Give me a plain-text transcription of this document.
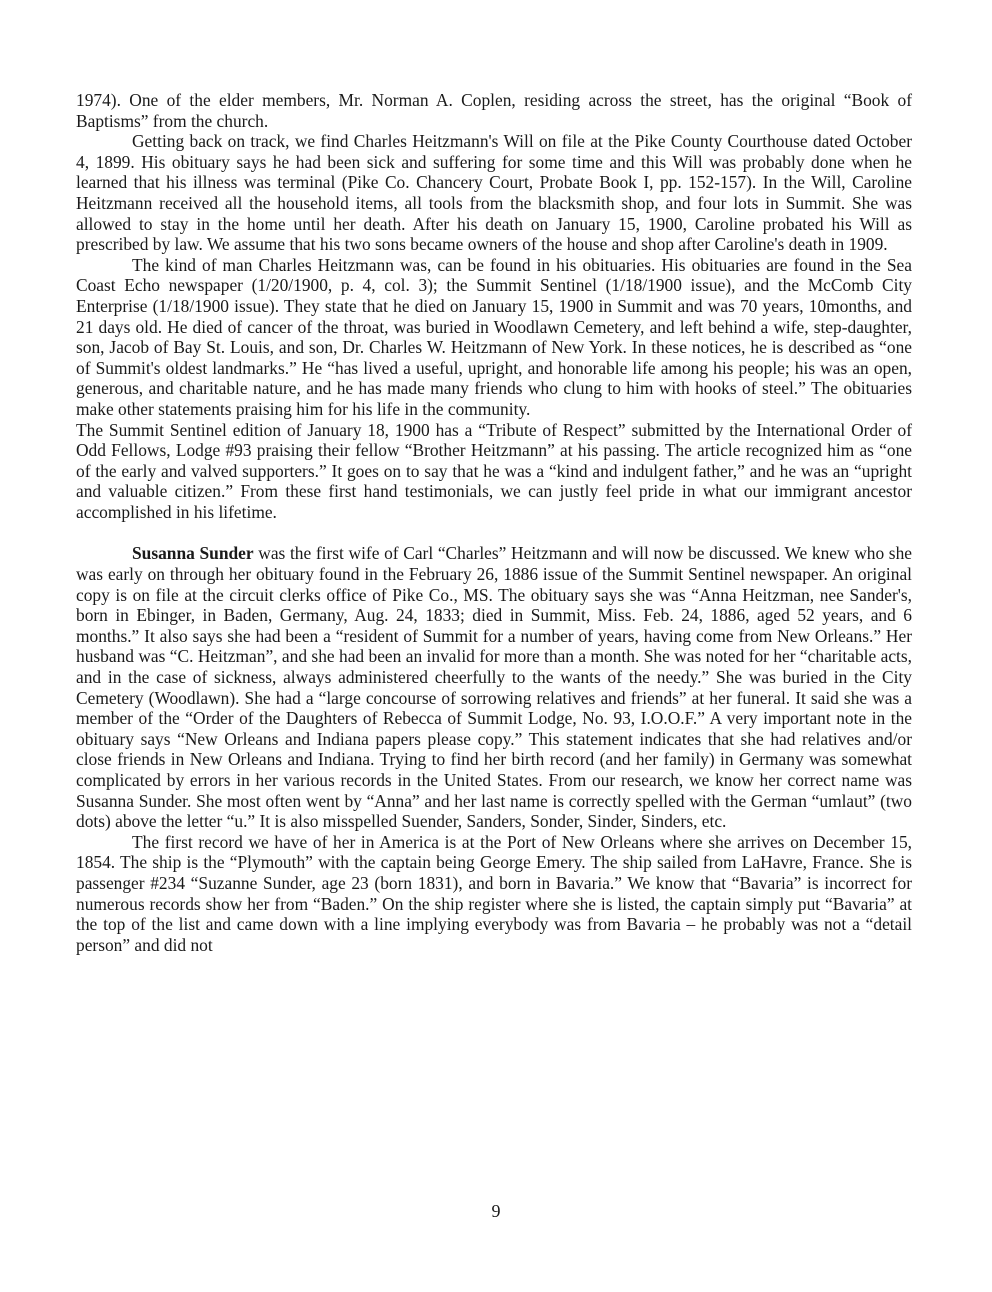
1974). One of the elder members, Mr. Norman A. Coplen, residing across the street, has the original “Book of Baptisms” from the church.

Getting back on track, we find Charles Heitzmann's Will on file at the Pike County Courthouse dated October 4, 1899. His obituary says he had been sick and suffering for some time and this Will was probably done when he learned that his illness was terminal (Pike Co. Chancery Court, Probate Book I, pp. 152-157). In the Will, Caroline Heitzmann received all the household items, all tools from the blacksmith shop, and four lots in Summit. She was allowed to stay in the home until her death. After his death on January 15, 1900, Caroline probated his Will as prescribed by law. We assume that his two sons became owners of the house and shop after Caroline's death in 1909.

The kind of man Charles Heitzmann was, can be found in his obituaries. His obituaries are found in the Sea Coast Echo newspaper (1/20/1900, p. 4, col. 3); the Summit Sentinel (1/18/1900 issue), and the McComb City Enterprise (1/18/1900 issue). They state that he died on January 15, 1900 in Summit and was 70 years, 10months, and 21 days old. He died of cancer of the throat, was buried in Woodlawn Cemetery, and left behind a wife, step-daughter, son, Jacob of Bay St. Louis, and son, Dr. Charles W. Heitzmann of New York. In these notices, he is described as “one of Summit's oldest landmarks.” He “has lived a useful, upright, and honorable life among his people; his was an open, generous, and charitable nature, and he has made many friends who clung to him with hooks of steel.” The obituaries make other statements praising him for his life in the community.

The Summit Sentinel edition of January 18, 1900 has a “Tribute of Respect” submitted by the International Order of Odd Fellows, Lodge #93 praising their fellow “Brother Heitzmann” at his passing. The article recognized him as “one of the early and valved supporters.” It goes on to say that he was a “kind and indulgent father,” and he was an “upright and valuable citizen.” From these first hand testimonials, we can justly feel pride in what our immigrant ancestor accomplished in his lifetime.

Susanna Sunder was the first wife of Carl “Charles” Heitzmann and will now be discussed. We knew who she was early on through her obituary found in the February 26, 1886 issue of the Summit Sentinel newspaper. An original copy is on file at the circuit clerks office of Pike Co., MS. The obituary says she was “Anna Heitzman, nee Sander's, born in Ebinger, in Baden, Germany, Aug. 24, 1833; died in Summit, Miss. Feb. 24, 1886, aged 52 years, and 6 months.” It also says she had been a “resident of Summit for a number of years, having come from New Orleans.” Her husband was “C. Heitzman”, and she had been an invalid for more than a month. She was noted for her “charitable acts, and in the case of sickness, always administered cheerfully to the wants of the needy.” She was buried in the City Cemetery (Woodlawn). She had a “large concourse of sorrowing relatives and friends” at her funeral. It said she was a member of the “Order of the Daughters of Rebecca of Summit Lodge, No. 93, I.O.O.F.” A very important note in the obituary says “New Orleans and Indiana papers please copy.” This statement indicates that she had relatives and/or close friends in New Orleans and Indiana. Trying to find her birth record (and her family) in Germany was somewhat complicated by errors in her various records in the United States. From our research, we know her correct name was Susanna Sunder. She most often went by “Anna” and her last name is correctly spelled with the German “umlaut” (two dots) above the letter “u.” It is also misspelled Suender, Sanders, Sonder, Sinder, Sinders, etc.

The first record we have of her in America is at the Port of New Orleans where she arrives on December 15, 1854. The ship is the “Plymouth” with the captain being George Emery. The ship sailed from LaHavre, France. She is passenger #234 “Suzanne Sunder, age 23 (born 1831), and born in Bavaria.” We know that “Bavaria” is incorrect for numerous records show her from “Baden.” On the ship register where she is listed, the captain simply put “Bavaria” at the top of the list and came down with a line implying everybody was from Bavaria – he probably was not a “detail person” and did not

9
